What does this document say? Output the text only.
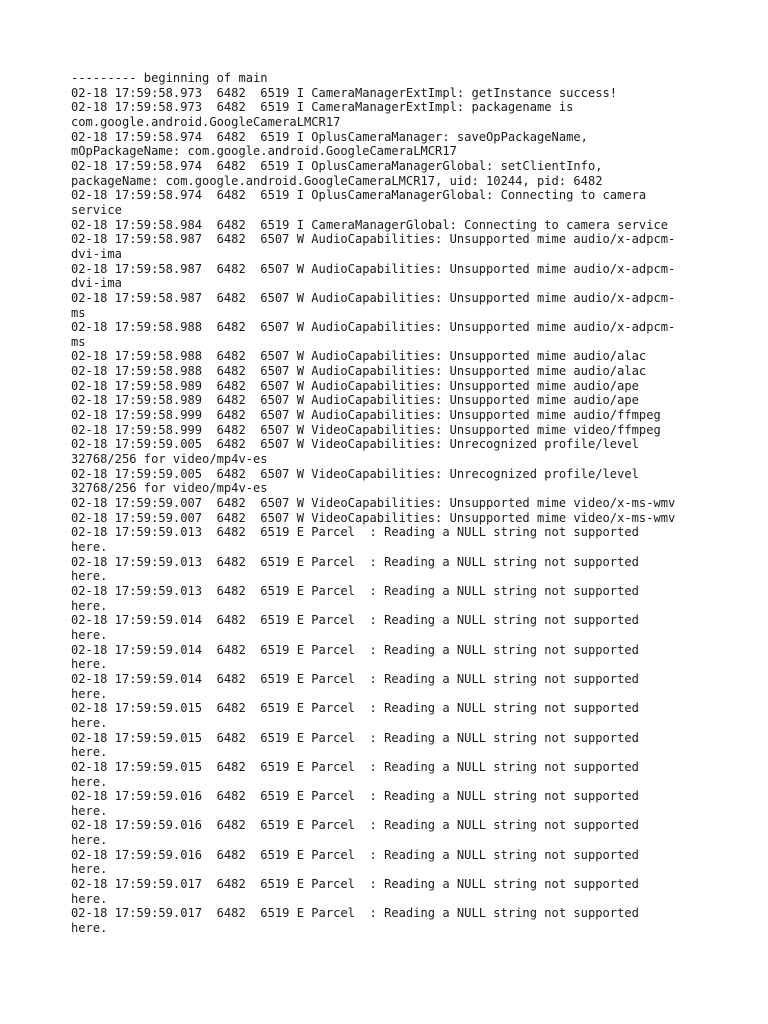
--------- beginning of main
02-18 17:59:58.973  6482  6519 I CameraManagerExtImpl: getInstance success!
02-18 17:59:58.973  6482  6519 I CameraManagerExtImpl: packagename is
com.google.android.GoogleCameraLMCR17
02-18 17:59:58.974  6482  6519 I OplusCameraManager: saveOpPackageName,
mOpPackageName: com.google.android.GoogleCameraLMCR17
02-18 17:59:58.974  6482  6519 I OplusCameraManagerGlobal: setClientInfo,
packageName: com.google.android.GoogleCameraLMCR17, uid: 10244, pid: 6482
02-18 17:59:58.974  6482  6519 I OplusCameraManagerGlobal: Connecting to camera
service
02-18 17:59:58.984  6482  6519 I CameraManagerGlobal: Connecting to camera service
02-18 17:59:58.987  6482  6507 W AudioCapabilities: Unsupported mime audio/x-adpcm-
dvi-ima
02-18 17:59:58.987  6482  6507 W AudioCapabilities: Unsupported mime audio/x-adpcm-
dvi-ima
02-18 17:59:58.987  6482  6507 W AudioCapabilities: Unsupported mime audio/x-adpcm-
ms
02-18 17:59:58.988  6482  6507 W AudioCapabilities: Unsupported mime audio/x-adpcm-
ms
02-18 17:59:58.988  6482  6507 W AudioCapabilities: Unsupported mime audio/alac
02-18 17:59:58.988  6482  6507 W AudioCapabilities: Unsupported mime audio/alac
02-18 17:59:58.989  6482  6507 W AudioCapabilities: Unsupported mime audio/ape
02-18 17:59:58.989  6482  6507 W AudioCapabilities: Unsupported mime audio/ape
02-18 17:59:58.999  6482  6507 W AudioCapabilities: Unsupported mime audio/ffmpeg
02-18 17:59:58.999  6482  6507 W VideoCapabilities: Unsupported mime video/ffmpeg
02-18 17:59:59.005  6482  6507 W VideoCapabilities: Unrecognized profile/level
32768/256 for video/mp4v-es
02-18 17:59:59.005  6482  6507 W VideoCapabilities: Unrecognized profile/level
32768/256 for video/mp4v-es
02-18 17:59:59.007  6482  6507 W VideoCapabilities: Unsupported mime video/x-ms-wmv
02-18 17:59:59.007  6482  6507 W VideoCapabilities: Unsupported mime video/x-ms-wmv
02-18 17:59:59.013  6482  6519 E Parcel  : Reading a NULL string not supported
here.
02-18 17:59:59.013  6482  6519 E Parcel  : Reading a NULL string not supported
here.
02-18 17:59:59.013  6482  6519 E Parcel  : Reading a NULL string not supported
here.
02-18 17:59:59.014  6482  6519 E Parcel  : Reading a NULL string not supported
here.
02-18 17:59:59.014  6482  6519 E Parcel  : Reading a NULL string not supported
here.
02-18 17:59:59.014  6482  6519 E Parcel  : Reading a NULL string not supported
here.
02-18 17:59:59.015  6482  6519 E Parcel  : Reading a NULL string not supported
here.
02-18 17:59:59.015  6482  6519 E Parcel  : Reading a NULL string not supported
here.
02-18 17:59:59.015  6482  6519 E Parcel  : Reading a NULL string not supported
here.
02-18 17:59:59.016  6482  6519 E Parcel  : Reading a NULL string not supported
here.
02-18 17:59:59.016  6482  6519 E Parcel  : Reading a NULL string not supported
here.
02-18 17:59:59.016  6482  6519 E Parcel  : Reading a NULL string not supported
here.
02-18 17:59:59.017  6482  6519 E Parcel  : Reading a NULL string not supported
here.
02-18 17:59:59.017  6482  6519 E Parcel  : Reading a NULL string not supported
here.
